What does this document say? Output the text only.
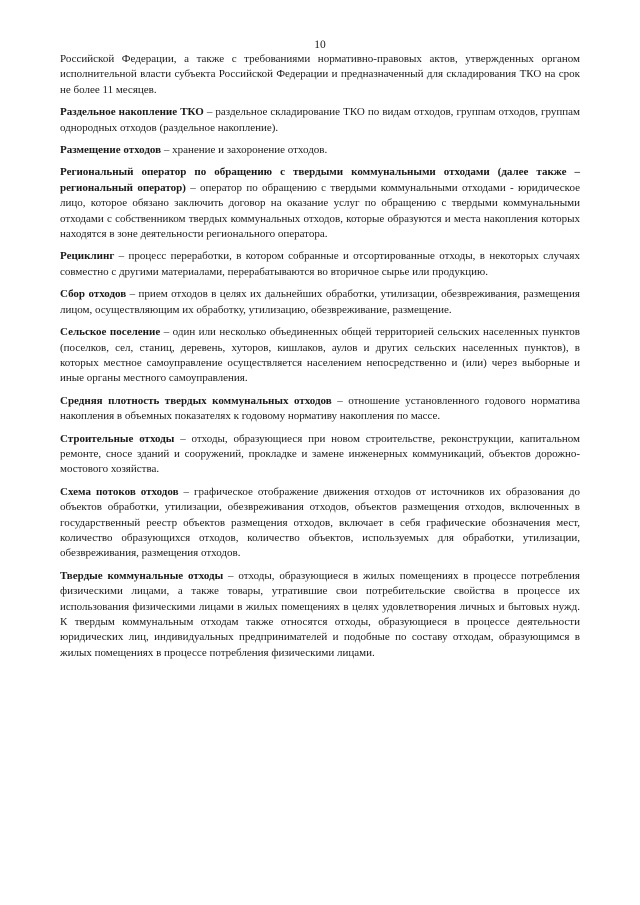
10

Российской Федерации, а также с требованиями нормативно-правовых актов, утвержденных органом исполнительной власти субъекта Российской Федерации и предназначенный для складирования ТКО на срок не более 11 месяцев.

Раздельное накопление ТКО – раздельное складирование ТКО по видам отходов, группам отходов, группам однородных отходов (раздельное накопление).

Размещение отходов – хранение и захоронение отходов.

Региональный оператор по обращению с твердыми коммунальными отходами (далее также – региональный оператор) – оператор по обращению с твердыми коммунальными отходами - юридическое лицо, которое обязано заключить договор на оказание услуг по обращению с твердыми коммунальными отходами с собственником твердых коммунальных отходов, которые образуются и места накопления которых находятся в зоне деятельности регионального оператора.

Рециклинг – процесс переработки, в котором собранные и отсортированные отходы, в некоторых случаях совместно с другими материалами, перерабатываются во вторичное сырье или продукцию.

Сбор отходов – прием отходов в целях их дальнейших обработки, утилизации, обезвреживания, размещения лицом, осуществляющим их обработку, утилизацию, обезвреживание, размещение.

Сельское поселение – один или несколько объединенных общей территорией сельских населенных пунктов (поселков, сел, станиц, деревень, хуторов, кишлаков, аулов и других сельских населенных пунктов), в которых местное самоуправление осуществляется населением непосредственно и (или) через выборные и иные органы местного самоуправления.

Средняя плотность твердых коммунальных отходов – отношение установленного годового норматива накопления в объемных показателях к годовому нормативу накопления по массе.

Строительные отходы – отходы, образующиеся при новом строительстве, реконструкции, капитальном ремонте, сносе зданий и сооружений, прокладке и замене инженерных коммуникаций, объектов дорожно-мостового хозяйства.

Схема потоков отходов – графическое отображение движения отходов от источников их образования до объектов обработки, утилизации, обезвреживания отходов, объектов размещения отходов, включенных в государственный реестр объектов размещения отходов, включает в себя графические обозначения мест, количество образующихся отходов, количество объектов, используемых для обработки, утилизации, обезвреживания, размещения отходов.

Твердые коммунальные отходы – отходы, образующиеся в жилых помещениях в процессе потребления физическими лицами, а также товары, утратившие свои потребительские свойства в процессе их использования физическими лицами в жилых помещениях в целях удовлетворения личных и бытовых нужд. К твердым коммунальным отходам также относятся отходы, образующиеся в процессе деятельности юридических лиц, индивидуальных предпринимателей и подобные по составу отходам, образующимся в жилых помещениях в процессе потребления физическими лицами.
